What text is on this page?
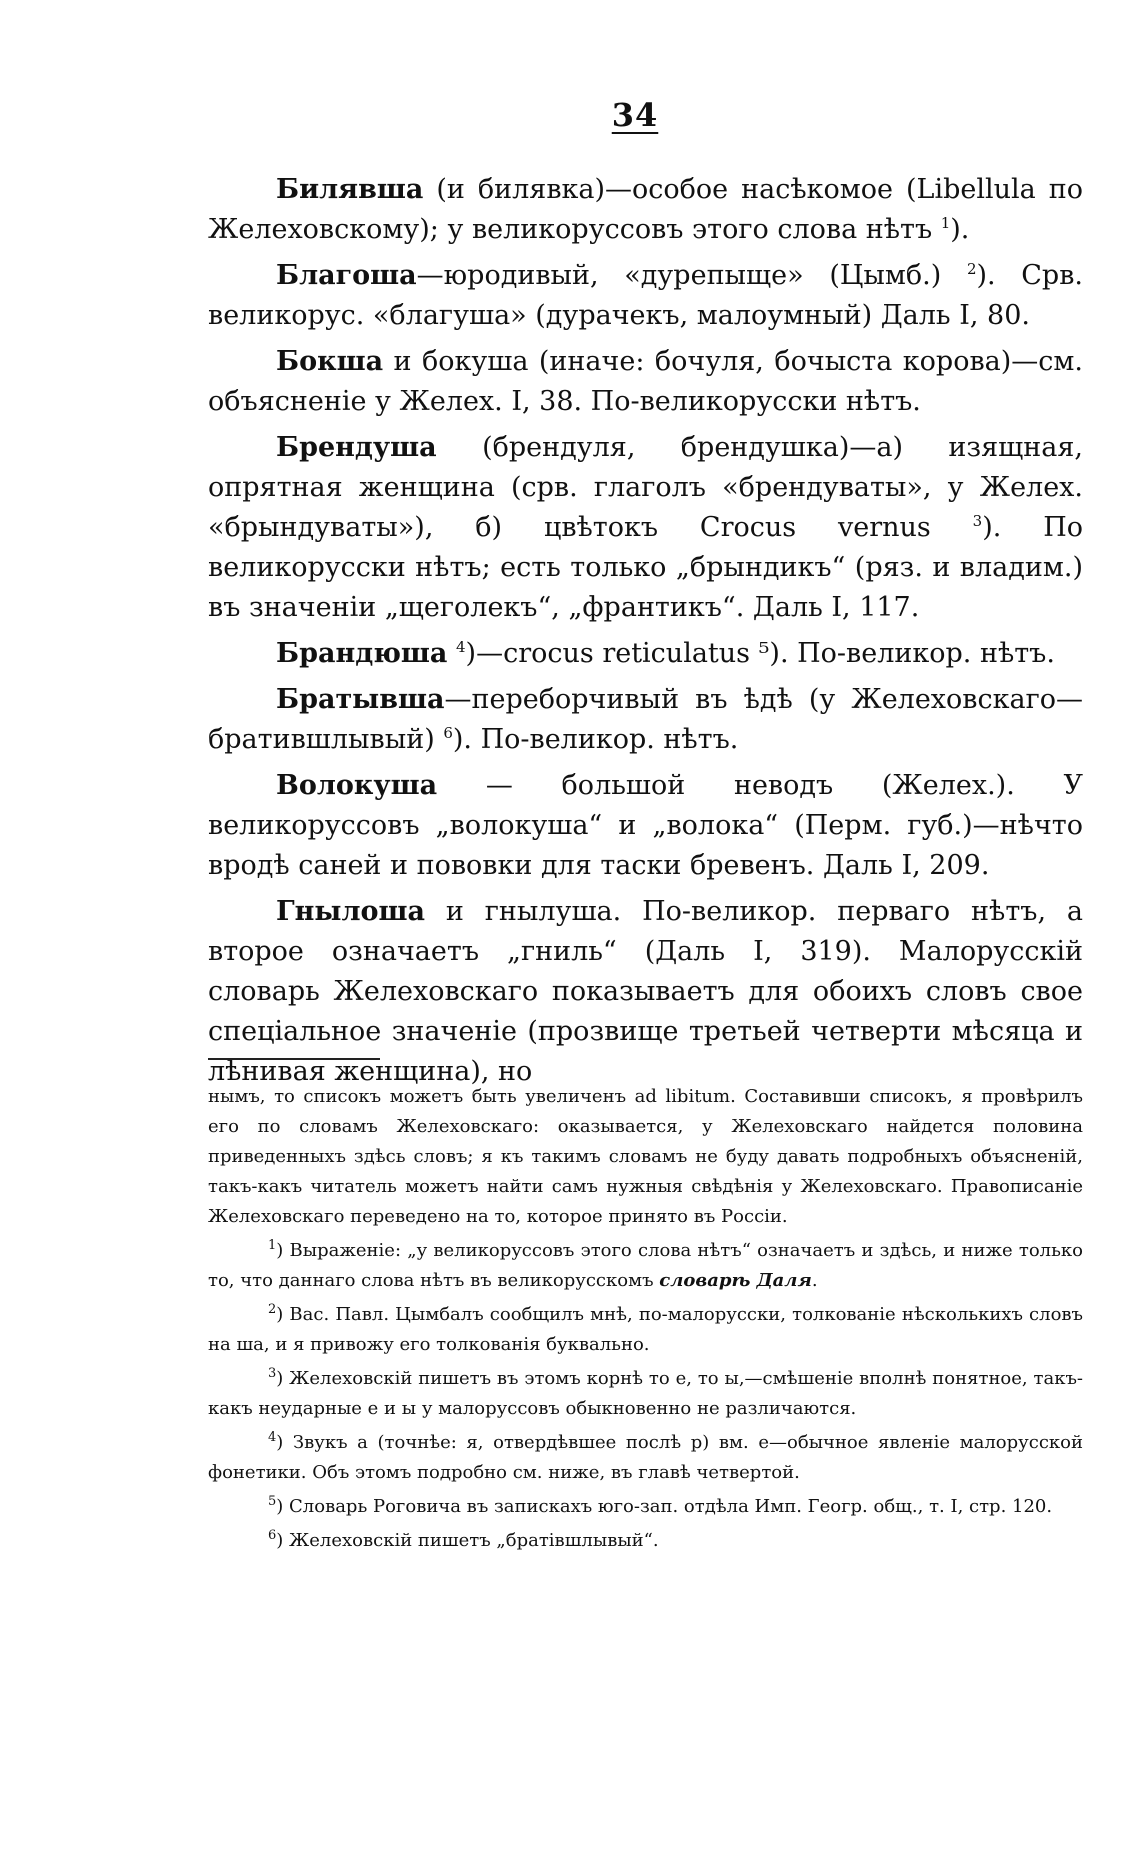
34

Билявша (и билявка)—особое насѣкомое (Libellula по Желеховскому); у великоруссовъ этого слова нѣтъ $^1$).

Благоша—юродивый, «дурепыще» (Цымб.) $^2$). Срв. великорус. «благуша» (дурачекъ, малоумный) Даль I, 80.

Бокша и бокуша (иначе: бочуля, бочыста корова)—см. объясненіе у Желех. I, 38. По-великорусски нѣтъ.

Брендуша (брендуля, брендушка)—а) изящная, опрятная женщина (срв. глаголъ «брендуваты», у Желех. «брындуваты»), б) цвѣтокъ Crocus vernus $^3$). По великорусски нѣтъ; есть только „брындикъ“ (ряз. и владим.) въ значеніи „щеголекъ“, „франтикъ“. Даль I, 117.

Брандюша $^4$)—crocus reticulatus ⁵). По-великор. нѣтъ.

Братывша—переборчивый въ ѣдѣ (у Желеховскаго—братившлывый) $^6$). По-великор. нѣтъ.

Волокуша — большой неводъ (Желех.). У великоруссовъ „волокуша“ и „волока“ (Перм. губ.)—нѣчто вродѣ саней и пововки для таски бревенъ. Даль I, 209.

Гнылоша и гнылуша. По-великор. перваго нѣтъ, а второе означаетъ „гниль“ (Даль I, 319). Малорусскій словарь Желеховскаго показываетъ для обоихъ словъ свое спеціальное значеніе (прозвище третьей четверти мѣсяца и лѣнивая женщина), но

нымъ, то списокъ можетъ быть увеличенъ ad libitum. Составивши списокъ, я провѣрилъ его по словамъ Желеховскаго: оказывается, у Желеховскаго найдется половина приведенныхъ здѣсь словъ; я къ такимъ словамъ не буду давать подробныхъ объясненій, такъ-какъ читатель можетъ найти самъ нужныя свѣдѣнія у Желеховскаго. Правописаніе Желеховскаго переведено на то, которое принято въ Россіи.

$^1$) Выраженіе: „у великоруссовъ этого слова нѣтъ“ означаетъ и здѣсь, и ниже только то, что даннаго слова нѣтъ въ великорусскомъ словарѣ Даля.

$^2$) Вас. Павл. Цымбалъ сообщилъ мнѣ, по-малорусски, толкованіе нѣсколькихъ словъ на ша, и я привожу его толкованія буквально.

$^3$) Желеховскій пишетъ въ этомъ корнѣ то е, то ы,—смѣшеніе вполнѣ понятное, такъ-какъ неударные е и ы у малоруссовъ обыкновенно не различаются.

$^4$) Звукъ а (точнѣе: я, отвердѣвшее послѣ р) вм. е—обычное явленіе малорусской фонетики. Объ этомъ подробно см. ниже, въ главѣ четвертой.

$^5$) Словарь Роговича въ запискахъ юго-зап. отдѣла Имп. Геогр. общ., т. I, стр. 120.

$^6$) Желеховскій пишетъ „братівшлывый“.
